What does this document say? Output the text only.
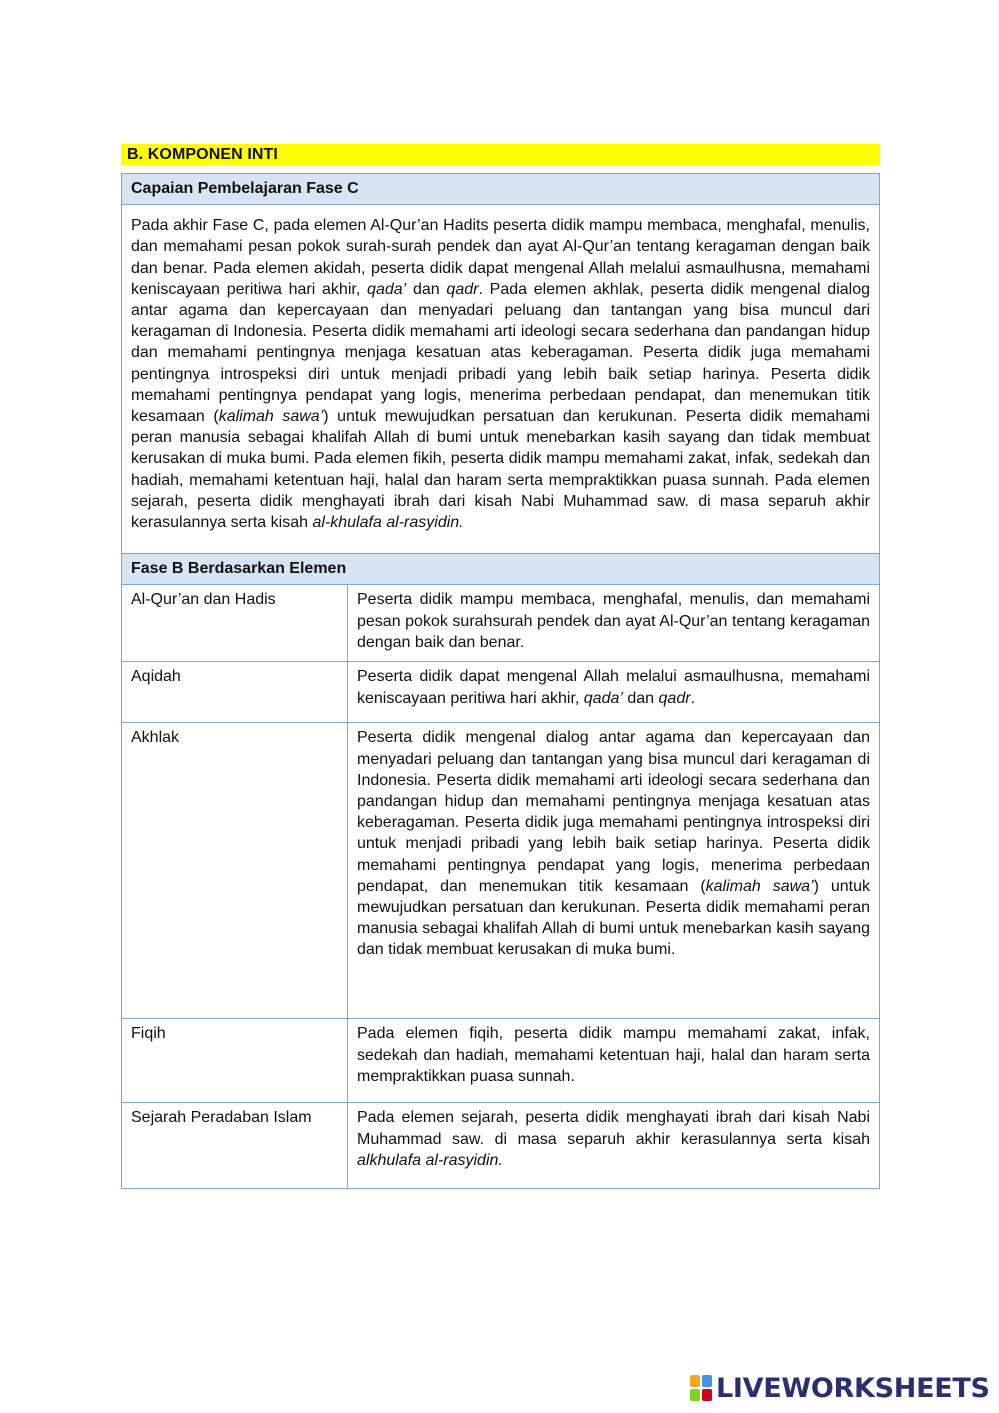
B. KOMPONEN INTI
Capaian Pembelajaran Fase C	
Pada akhir Fase C, pada elemen Al-Qur’an Hadits peserta didik mampu membaca, menghafal, menulis, dan memahami pesan pokok surah-surah pendek dan ayat Al-Qur’an tentang keragaman dengan baik dan benar. Pada elemen akidah, peserta didik dapat mengenal Allah melalui asmaulhusna, memahami keniscayaan peritiwa hari akhir, qada’ dan qadr. Pada elemen akhlak, peserta didik mengenal dialog antar agama dan kepercayaan dan menyadari peluang dan tantangan yang bisa muncul dari keragaman di Indonesia. Peserta didik memahami arti ideologi secara sederhana dan pandangan hidup dan memahami pentingnya menjaga kesatuan atas keberagaman. Peserta didik juga memahami pentingnya introspeksi diri untuk menjadi pribadi yang lebih baik setiap harinya. Peserta didik memahami pentingnya pendapat yang logis, menerima perbedaan pendapat, dan menemukan titik kesamaan (kalimah sawa’) untuk mewujudkan persatuan dan kerukunan. Peserta didik memahami peran manusia sebagai khalifah Allah di bumi untuk menebarkan kasih sayang dan tidak membuat kerusakan di muka bumi. Pada elemen fikih, peserta didik mampu memahami zakat, infak, sedekah dan hadiah, memahami ketentuan haji, halal dan haram serta mempraktikkan puasa sunnah. Pada elemen sejarah, peserta didik menghayati ibrah dari kisah Nabi Muhammad saw. di masa separuh akhir kerasulannya serta kisah al-khulafa al-rasyidin.	
Fase B Berdasarkan Elemen	
Al-Qur’an dan Hadis	Peserta didik mampu membaca, menghafal, menulis, dan memahami pesan pokok surahsurah pendek dan ayat Al-Qur’an tentang keragaman dengan baik dan benar.
Aqidah	Peserta didik dapat mengenal Allah melalui asmaulhusna, memahami keniscayaan peritiwa hari akhir, qada’ dan qadr.
Akhlak	Peserta didik mengenal dialog antar agama dan kepercayaan dan menyadari peluang dan tantangan yang bisa muncul dari keragaman di Indonesia. Peserta didik memahami arti ideologi secara sederhana dan pandangan hidup dan memahami pentingnya menjaga kesatuan atas keberagaman. Peserta didik juga memahami pentingnya introspeksi diri untuk menjadi pribadi yang lebih baik setiap harinya. Peserta didik memahami pentingnya pendapat yang logis, menerima perbedaan pendapat, dan menemukan titik kesamaan (kalimah sawa’) untuk mewujudkan persatuan dan kerukunan. Peserta didik memahami peran manusia sebagai khalifah Allah di bumi untuk menebarkan kasih sayang dan tidak membuat kerusakan di muka bumi.
Fiqih	Pada elemen fiqih, peserta didik mampu memahami zakat, infak, sedekah dan hadiah, memahami ketentuan haji, halal dan haram serta mempraktikkan puasa sunnah.
Sejarah Peradaban Islam	Pada elemen sejarah, peserta didik menghayati ibrah dari kisah Nabi Muhammad saw. di masa separuh akhir kerasulannya serta kisah alkhulafa al-rasyidin.
LIVEWORKSHEETS
